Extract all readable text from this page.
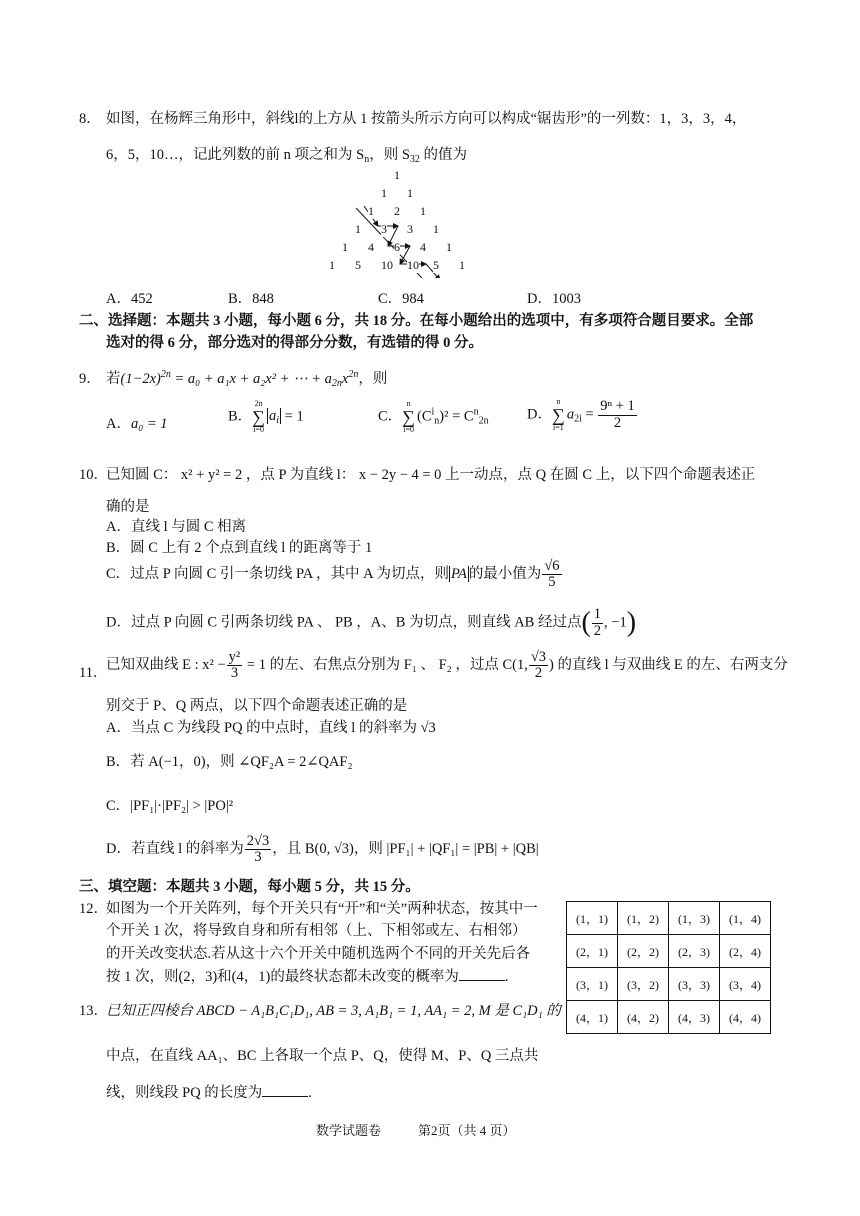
8． 如图，在杨辉三角形中，斜线l的上方从 1 按箭头所示方向可以构成“锯齿形”的一列数：1，3，3，4，
6，5，10…，记此列数的前 n 项之和为 $S_n$，则 $S_{32}$ 的值为
1
1 1
1 2 1
1 3 3 1
1 4 6 4 1
1 5 10 10 5 1
A．452	B．848	C．984	D．1003
二、选择题：本题共 3 小题，每小题 6 分，共 18 分。在每小题给出的选项中，有多项符合题目要求。全部
选对的得 6 分，部分选对的得部分分数，有选错的得 0 分。
9． 若$(1-2x)^{2n} = a_0 + a_1x + a_2x^2$ + ⋯ + $a_{2n}x^{2n}$，则
A．a₀ = 1	B．
2n
∑
i=0
$a_i = 1$	C．
n
∑
i=0
$(C^i_n)^2 = C^n_{2n}$	D．
n
∑
i=1
$a_{2i} = \frac{\text{9ⁿ + 1}}{2}$
10．
已知圆 C： x² + y² = 2 ，点 P 为直线 l： x − 2y − 4 = 0 上一动点，点 Q 在圆 C 上，以下四个命题表述正
确的是
A．直线 l 与圆 C 相离
B．圆 C 上有 2 个点到直线 l 的距离等于 1
C．过点 P 向圆 C 引一条切线 PA ，其中 A 为切点，则 PA 的最小值为 $\frac{√6}{5}$
D．过点 P 向圆 C 引两条切线 PA 、 PB ，A、B 为切点，则直线 AB 经过点( $\frac{1}{2}$ , −1)
11．
已知双曲线 E : $x^2 - \frac{\text{y²}}{3} = 1$ 的左、右焦点分别为 F₁ 、 F₂ ，过点 C(1, $\frac{√3}{2}$ ) 的直线 l 与双曲线 E 的左、右两支分
别交于 P、Q 两点，以下四个命题表述正确的是
A．当点 C 为线段 PQ 的中点时，直线 l 的斜率为 √3
B．若 A(−1，0)，则 ∠QF₂A = 2∠QAF₂
C．|PF₁|·|PF₂| > |PO|²
D．若直线 l 的斜率为 $\frac{2√3}{3}$ ，且 B(0, √3)，则 |PF₁| + |QF₁| = |PB| + |QB|
三、填空题：本题共 3 小题，每小题 5 分，共 15 分。
12．
如图为一个开关阵列，每个开关只有“开”和“关”两种状态，按其中一
个开关 1 次，将导致自身和所有相邻（上、下相邻或左、右相邻）
的开关改变状态.若从这十六个开关中随机选两个不同的开关先后各
按 1 次，则(2，3)和(4，1)的最终状态都未改变的概率为	.
(1，1)	(1，2)	(1，3)	(1，4)
(2，1)	(2，2)	(2，3)	(2，4)
(3，1)	(3，2)	(3，3)	(3，4)
(4，1)	(4，2)	(4，3)	(4，4)
13．
已知正四棱台 ABCD − A₁B₁C₁D₁, AB = 3, A₁B₁ = 1, AA₁ = 2, M 是 C₁D₁ 的
中点，在直线 AA₁、BC 上各取一个点 P、Q，使得 M、P、Q 三点共
线，则线段 PQ 的长度为	.
数学试题卷	第2页（共 4 页）
